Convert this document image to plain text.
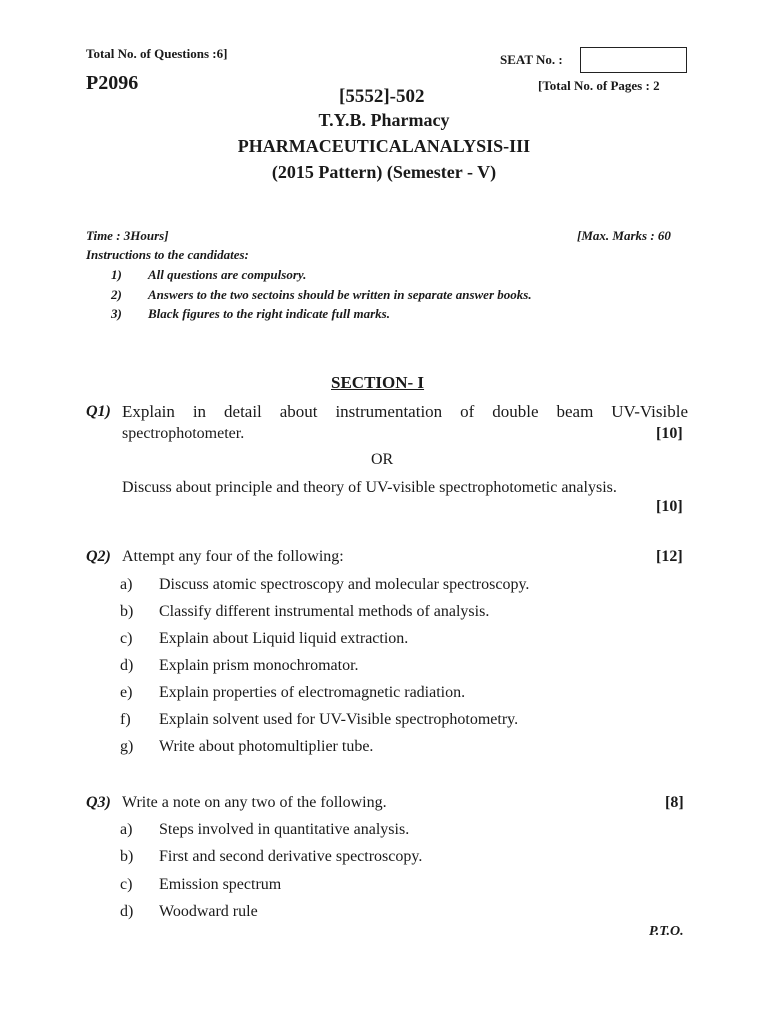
Total No. of Questions :6]	SEAT No. :
P2096
[5552]-502
[Total No. of Pages : 2
T.Y.B. Pharmacy
PHARMACEUTICALANALYSIS-III
(2015 Pattern) (Semester - V)
Time : 3Hours]	[Max. Marks : 60
Instructions to the candidates:
1) All questions are compulsory.
2) Answers to the two sectoins should be written in separate answer books.
3) Black figures to the right indicate full marks.
SECTION- I
Q1) Explain in detail about instrumentation of double beam UV-Visible
spectrophotometer.	[10]
OR
Discuss about principle and theory of UV-visible spectrophotometic analysis.
[10]
Q2) Attempt any four of the following:	[12]
a) Discuss atomic spectroscopy and molecular spectroscopy.
b) Classify different instrumental methods of analysis.
c) Explain about Liquid liquid extraction.
d) Explain prism monochromator.
e) Explain properties of electromagnetic radiation.
f) Explain solvent used for UV-Visible spectrophotometry.
g) Write about photomultiplier tube.
Q3) Write a note on any two of the following.	[8]
a) Steps involved in quantitative analysis.
b) First and second derivative spectroscopy.
c) Emission spectrum
d) Woodward rule
P.T.O.
